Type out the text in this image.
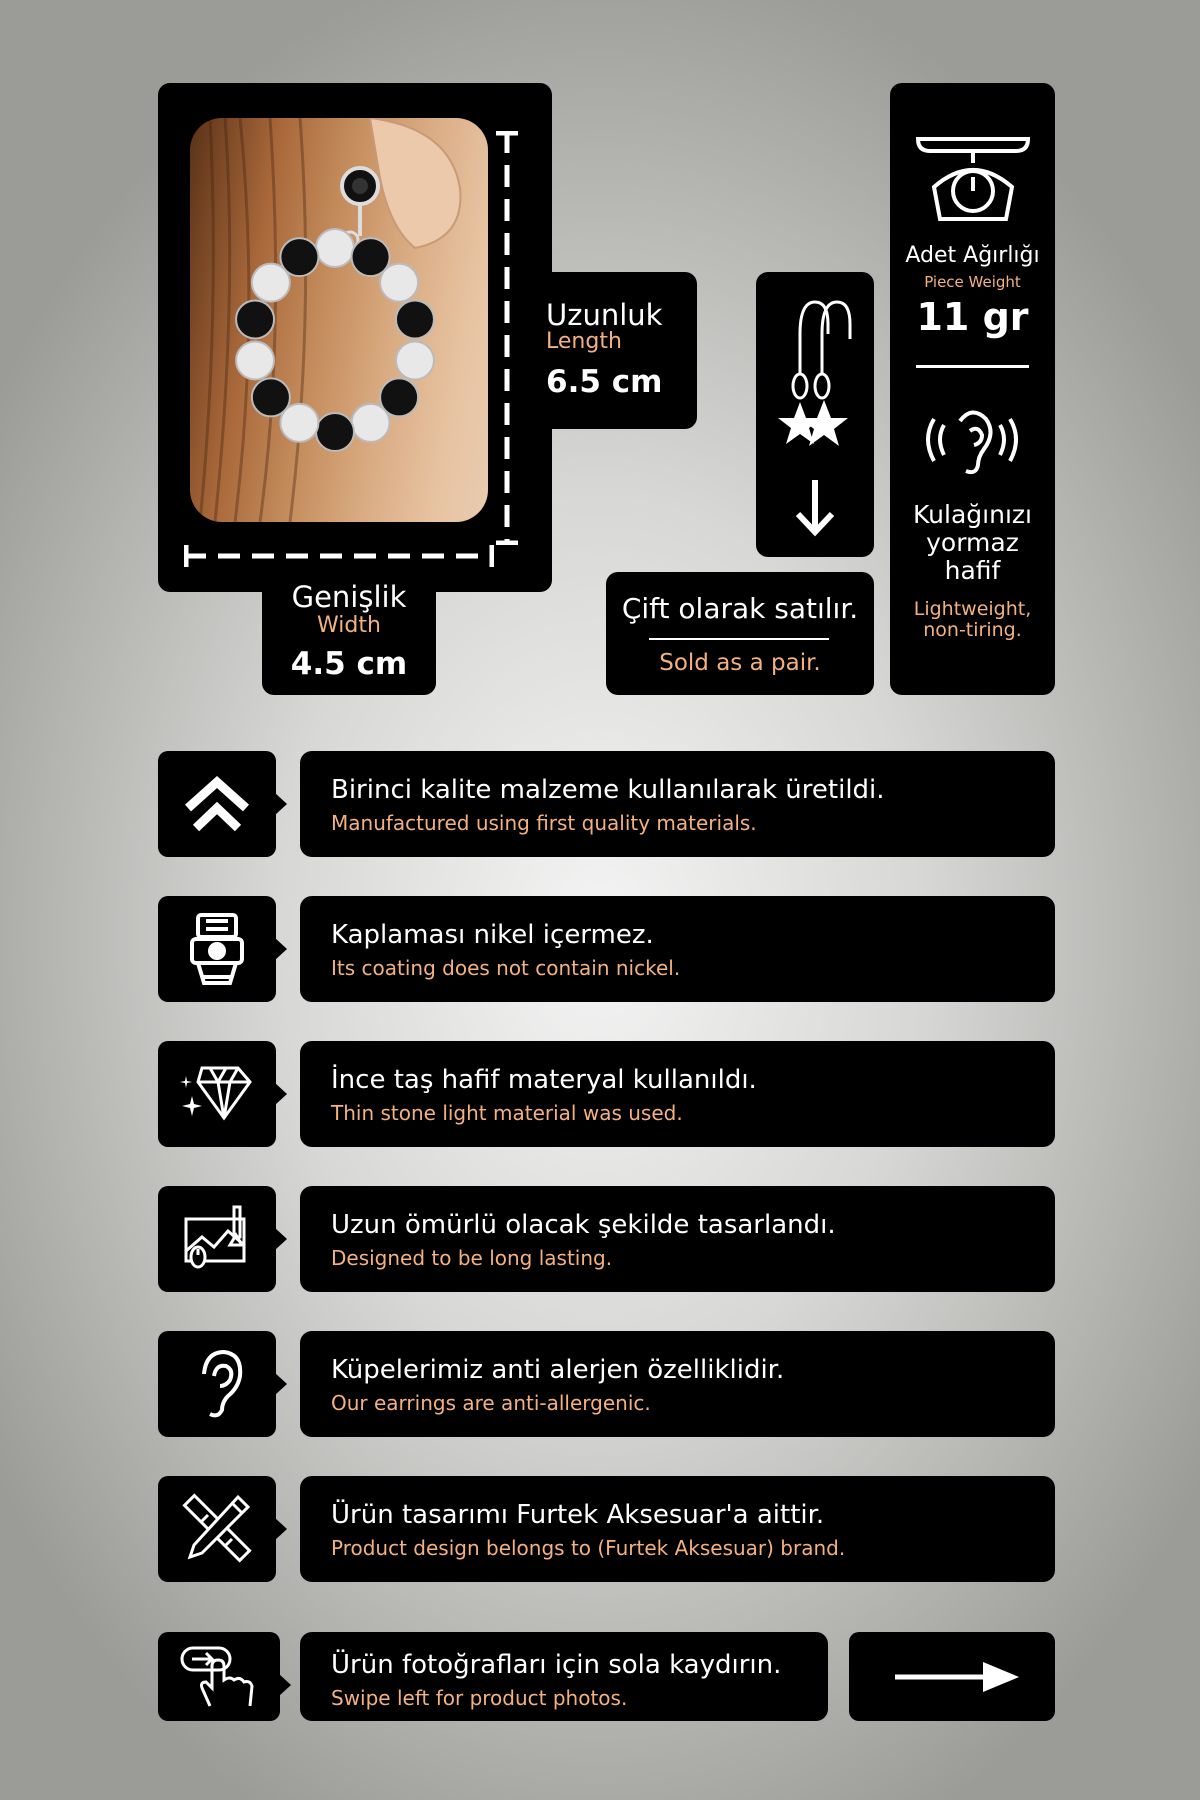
Uzunluk
Length
6.5 cm
Genişlik
Width
4.5 cm
Çift olarak satılır.
Sold as a pair.
Adet Ağırlığı
Piece Weight
11 gr
Kulağınızı yormaz hafif
Lightweight, non-tiring.
Birinci kalite malzeme kullanılarak üretildi.
Manufactured using first quality materials.
Kaplaması nikel içermez.
Its coating does not contain nickel.
İnce taş hafif materyal kullanıldı.
Thin stone light material was used.
Uzun ömürlü olacak şekilde tasarlandı.
Designed to be long lasting.
Küpelerimiz anti alerjen özelliklidir.
Our earrings are anti-allergenic.
Ürün tasarımı Furtek Aksesuar'a aittir.
Product design belongs to (Furtek Aksesuar) brand.
Ürün fotoğrafları için sola kaydırın.
Swipe left for product photos.
